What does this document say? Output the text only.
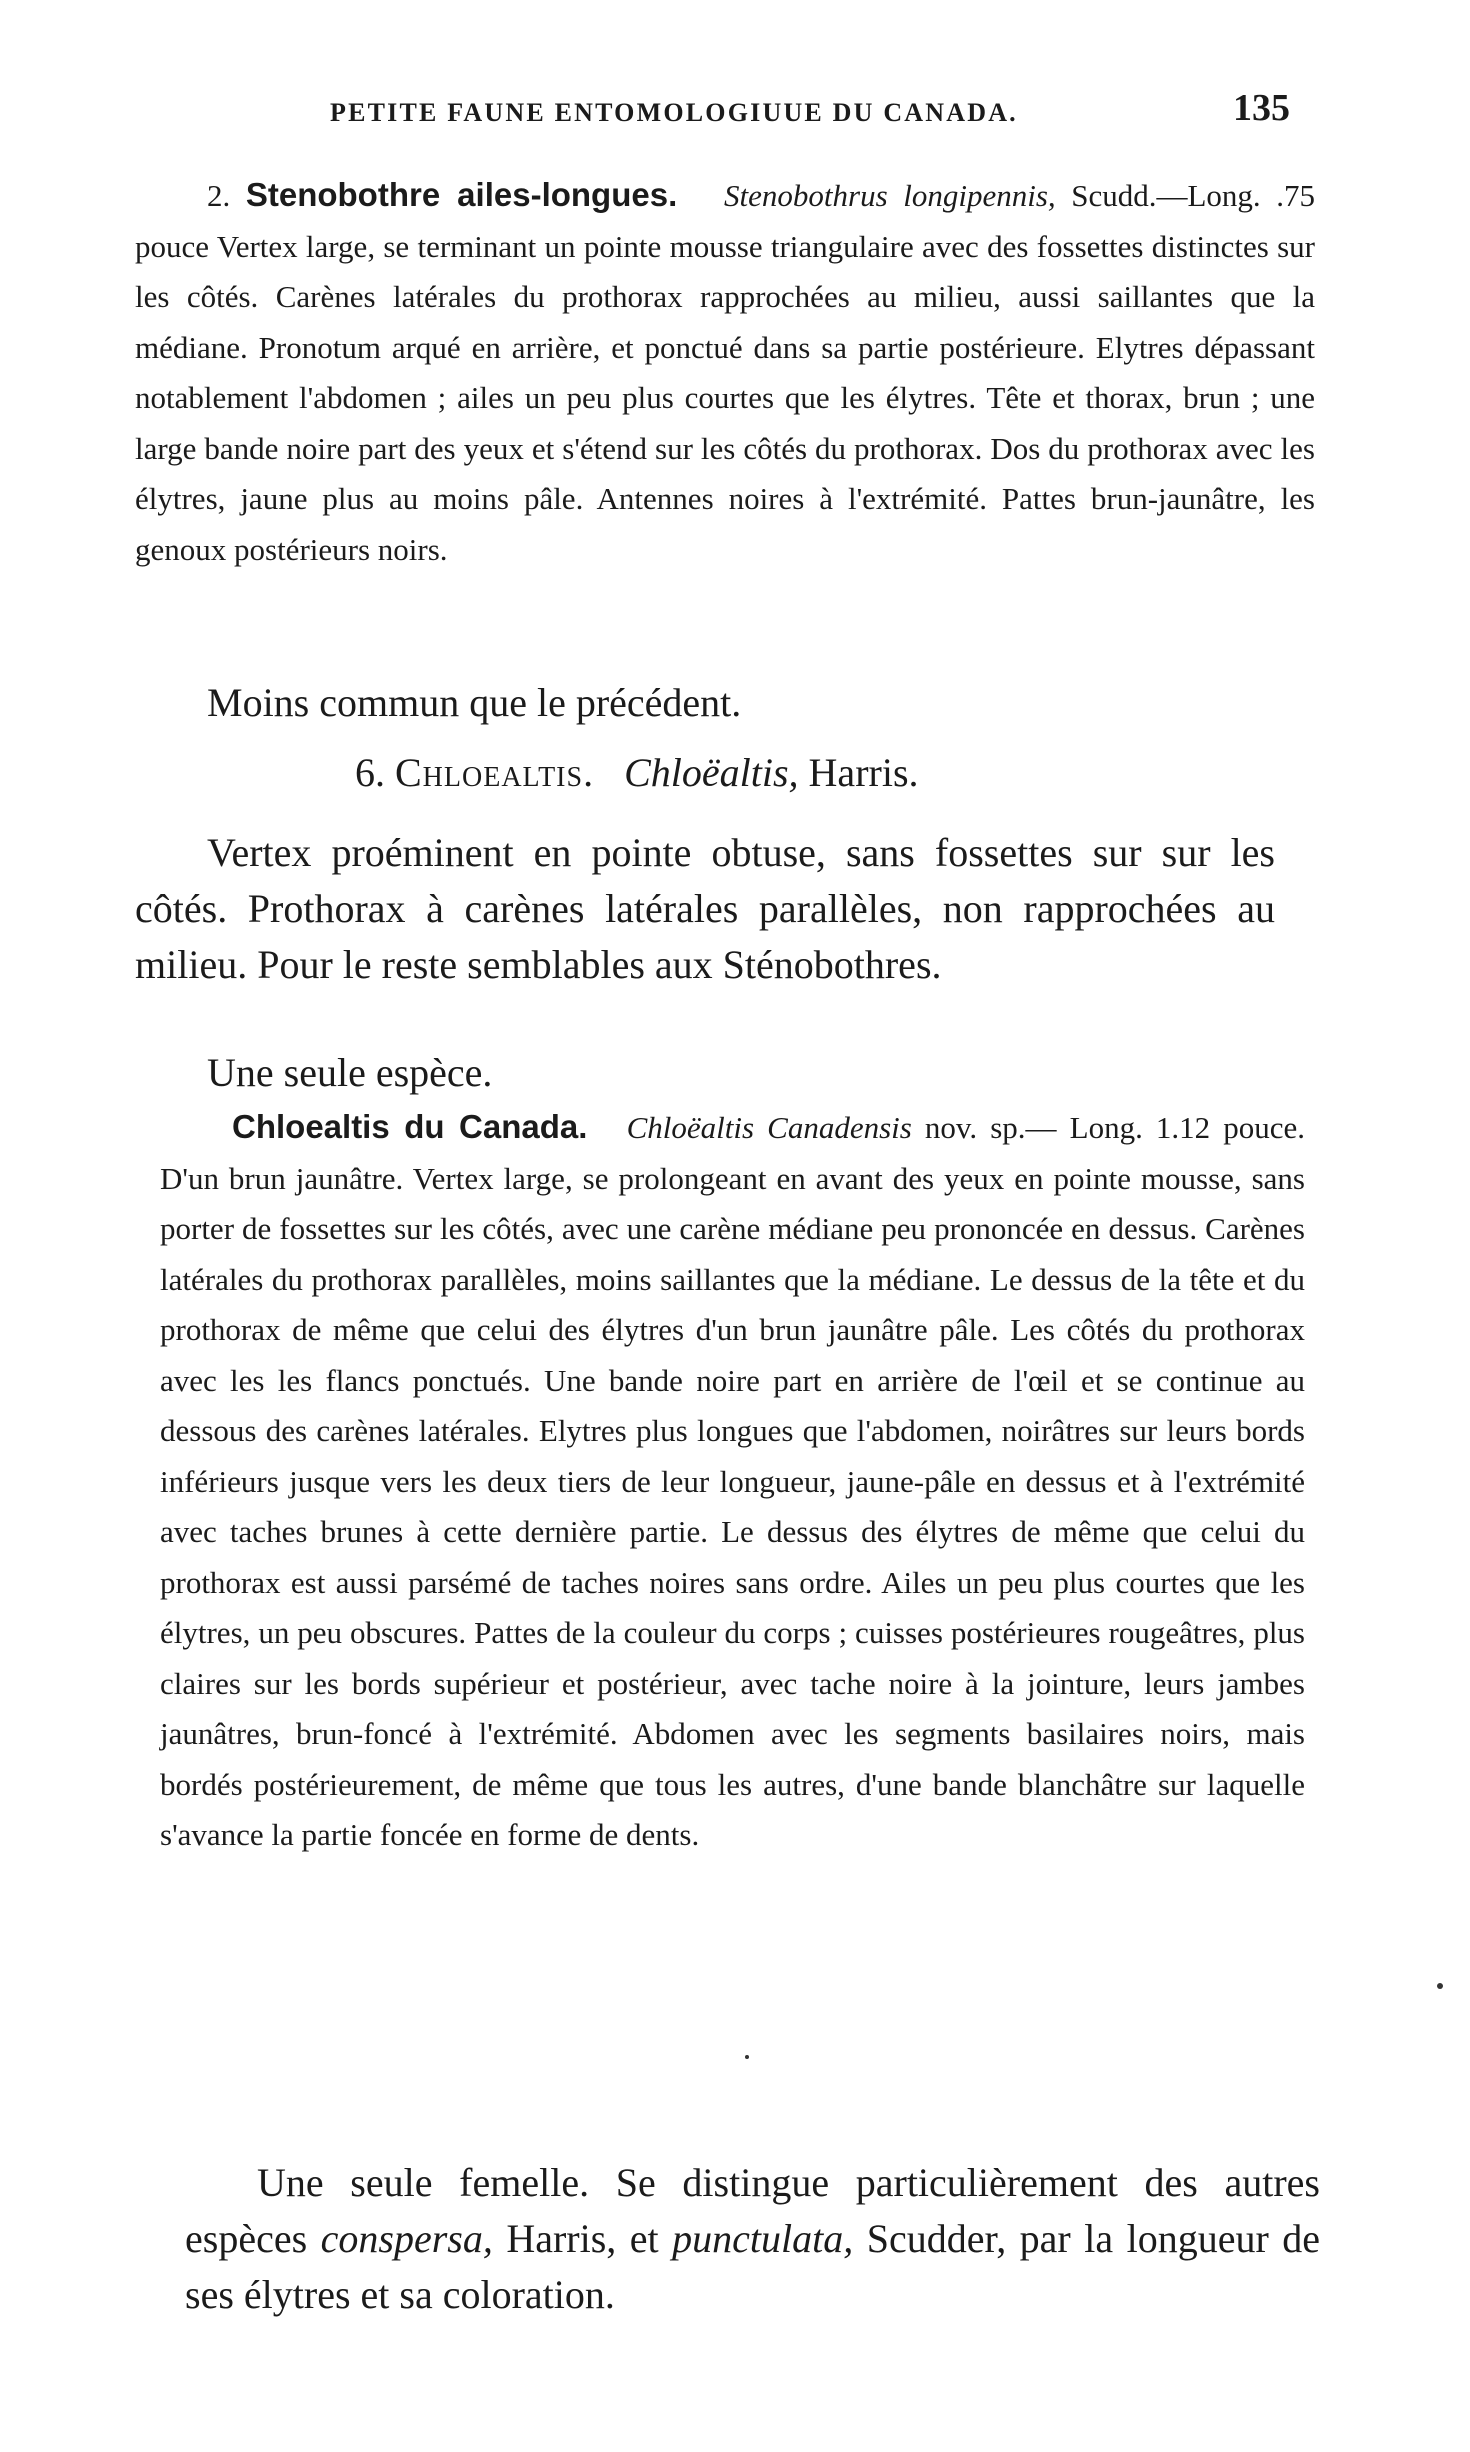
PETITE FAUNE ENTOMOLOGIUUE DU CANADA.	135
2. Stenobothre ailes-longues. Stenobothrus longipennis, Scudd.—Long. .75 pouce Vertex large, se terminant un pointe mousse triangulaire avec des fossettes distinctes sur les côtés. Carènes latérales du prothorax rapprochées au milieu, aussi saillantes que la médiane. Pronotum arqué en arrière, et ponctué dans sa partie postérieure. Elytres dépassant notablement l'abdomen ; ailes un peu plus courtes que les élytres. Tête et thorax, brun ; une large bande noire part des yeux et s'étend sur les côtés du prothorax. Dos du prothorax avec les élytres, jaune plus au moins pâle. Antennes noires à l'extrémité. Pattes brun-jaunâtre, les genoux postérieurs noirs.
Moins commun que le précédent.
6. Chloealtis. Chloëaltis, Harris.
Vertex proéminent en pointe obtuse, sans fossettes sur sur les côtés. Prothorax à carènes latérales parallèles, non rapprochées au milieu. Pour le reste semblables aux Sténobothres.
Une seule espèce.
Chloealtis du Canada. Chloëaltis Canadensis nov. sp.— Long. 1.12 pouce. D'un brun jaunâtre. Vertex large, se prolongeant en avant des yeux en pointe mousse, sans porter de fossettes sur les côtés, avec une carène médiane peu prononcée en dessus. Carènes latérales du prothorax parallèles, moins saillantes que la médiane. Le dessus de la tête et du prothorax de même que celui des élytres d'un brun jaunâtre pâle. Les côtés du prothorax avec les les flancs ponctués. Une bande noire part en arrière de l'œil et se continue au dessous des carènes latérales. Elytres plus longues que l'abdomen, noirâtres sur leurs bords inférieurs jusque vers les deux tiers de leur longueur, jaune-pâle en dessus et à l'extrémité avec taches brunes à cette dernière partie. Le dessus des élytres de même que celui du prothorax est aussi parsémé de taches noires sans ordre. Ailes un peu plus courtes que les élytres, un peu obscures. Pattes de la couleur du corps ; cuisses postérieures rougeâtres, plus claires sur les bords supérieur et postérieur, avec tache noire à la jointure, leurs jambes jaunâtres, brun-foncé à l'extrémité. Abdomen avec les segments basilaires noirs, mais bordés postérieurement, de même que tous les autres, d'une bande blanchâtre sur laquelle s'avance la partie foncée en forme de dents.
Une seule femelle. Se distingue particulièrement des autres espèces conspersa, Harris, et punctulata, Scudder, par la longueur de ses élytres et sa coloration.
